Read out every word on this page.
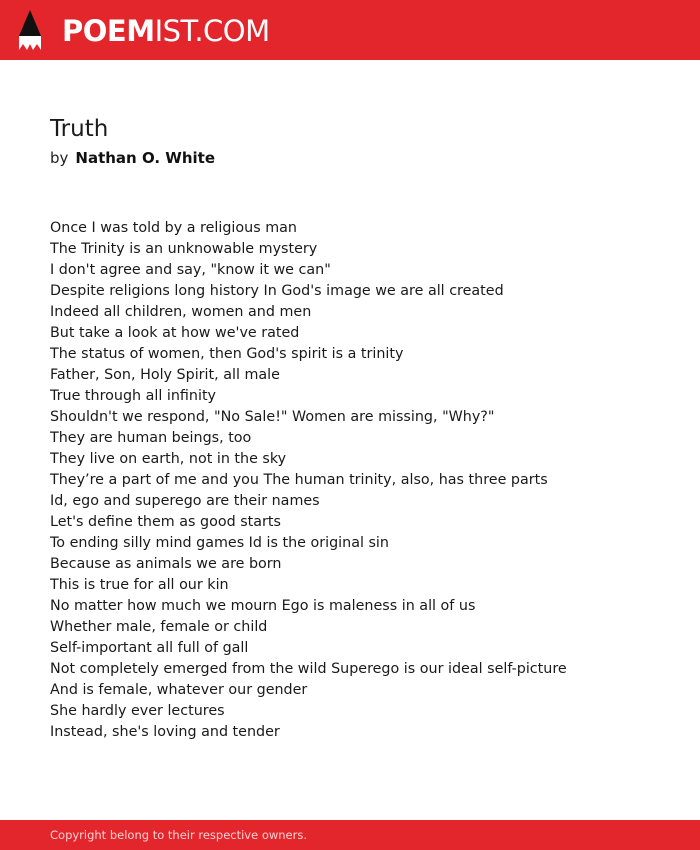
POEMIST.COM
Truth
by Nathan O. White
Once I was told by a religious man
The Trinity is an unknowable mystery
I don't agree and say, "know it we can"
Despite religions long history In God's image we are all created
Indeed all children, women and men
But take a look at how we've rated
The status of women, then God's spirit is a trinity
Father, Son, Holy Spirit, all male
True through all infinity
Shouldn't we respond, "No Sale!" Women are missing, "Why?"
They are human beings, too
They live on earth, not in the sky
They’re a part of me and you The human trinity, also, has three parts
Id, ego and superego are their names
Let's define them as good starts
To ending silly mind games Id is the original sin
Because as animals we are born
This is true for all our kin
No matter how much we mourn Ego is maleness in all of us
Whether male, female or child
Self-important all full of gall
Not completely emerged from the wild Superego is our ideal self-picture
And is female, whatever our gender
She hardly ever lectures
Instead, she's loving and tender
Copyright belong to their respective owners.
